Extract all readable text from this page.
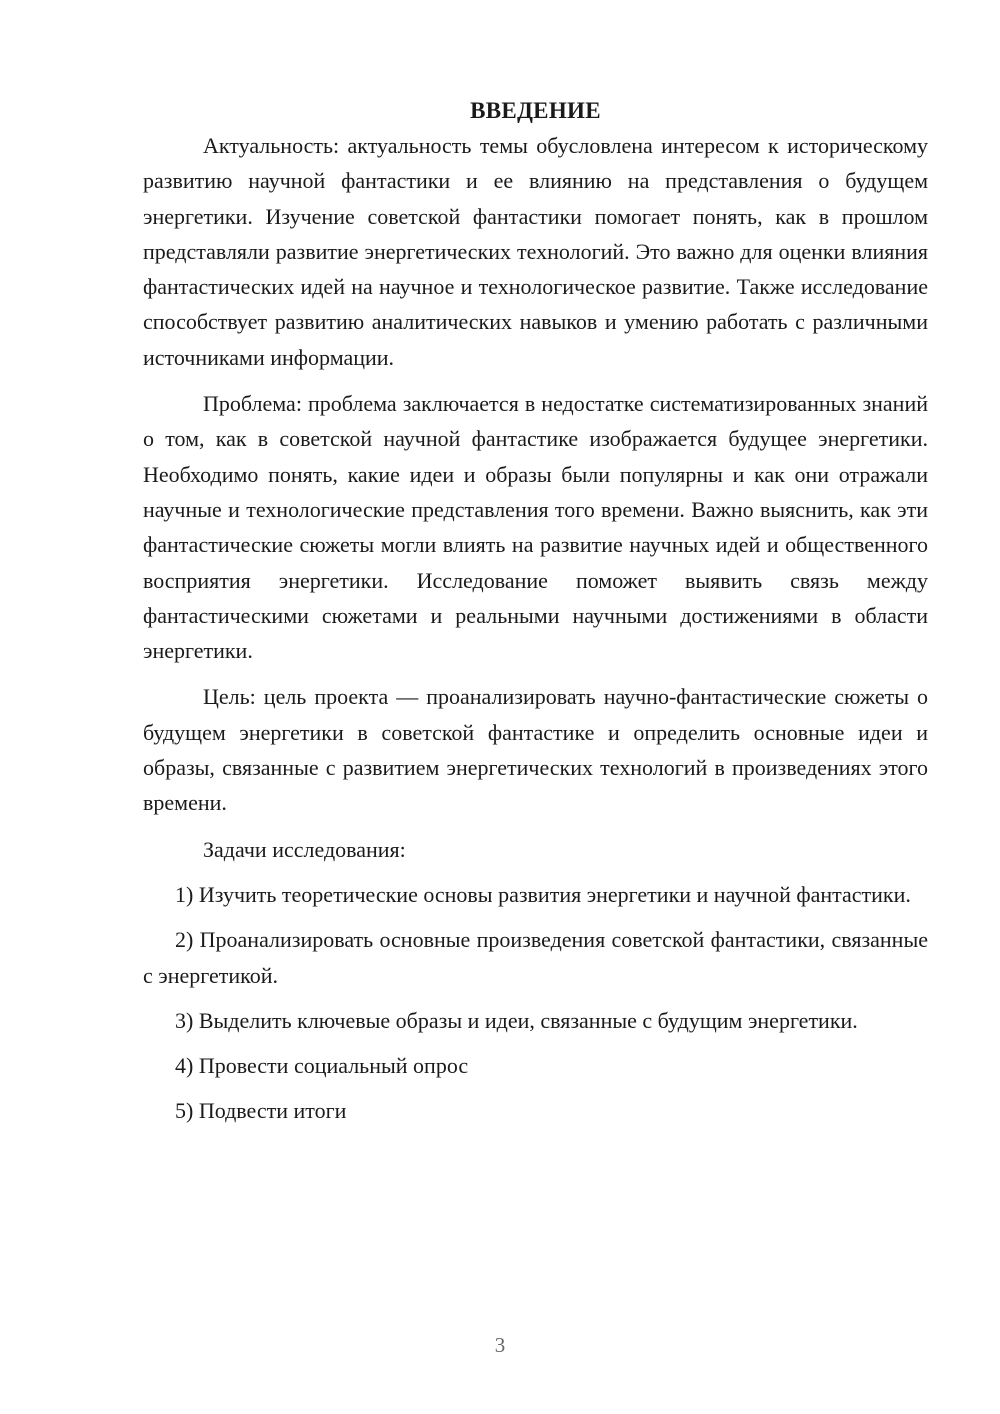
ВВЕДЕНИЕ

Актуальность: актуальность темы обусловлена интересом к историческому развитию научной фантастики и ее влиянию на представления о будущем энергетики. Изучение советской фантастики помогает понять, как в прошлом представляли развитие энергетических технологий. Это важно для оценки влияния фантастических идей на научное и технологическое развитие. Также исследование способствует развитию аналитических навыков и умению работать с различными источниками информации.

Проблема: проблема заключается в недостатке систематизированных знаний о том, как в советской научной фантастике изображается будущее энергетики. Необходимо понять, какие идеи и образы были популярны и как они отражали научные и технологические представления того времени. Важно выяснить, как эти фантастические сюжеты могли влиять на развитие научных идей и общественного восприятия энергетики. Исследование поможет выявить связь между фантастическими сюжетами и реальными научными достижениями в области энергетики.

Цель: цель проекта — проанализировать научно-фантастические сюжеты о будущем энергетики в советской фантастике и определить основные идеи и образы, связанные с развитием энергетических технологий в произведениях этого времени.

Задачи исследования:

1) Изучить теоретические основы развития энергетики и научной фантастики.

2) Проанализировать основные произведения советской фантастики, связанные с энергетикой.

3) Выделить ключевые образы и идеи, связанные с будущим энергетики.

4) Провести социальный опрос

5) Подвести итоги

3
